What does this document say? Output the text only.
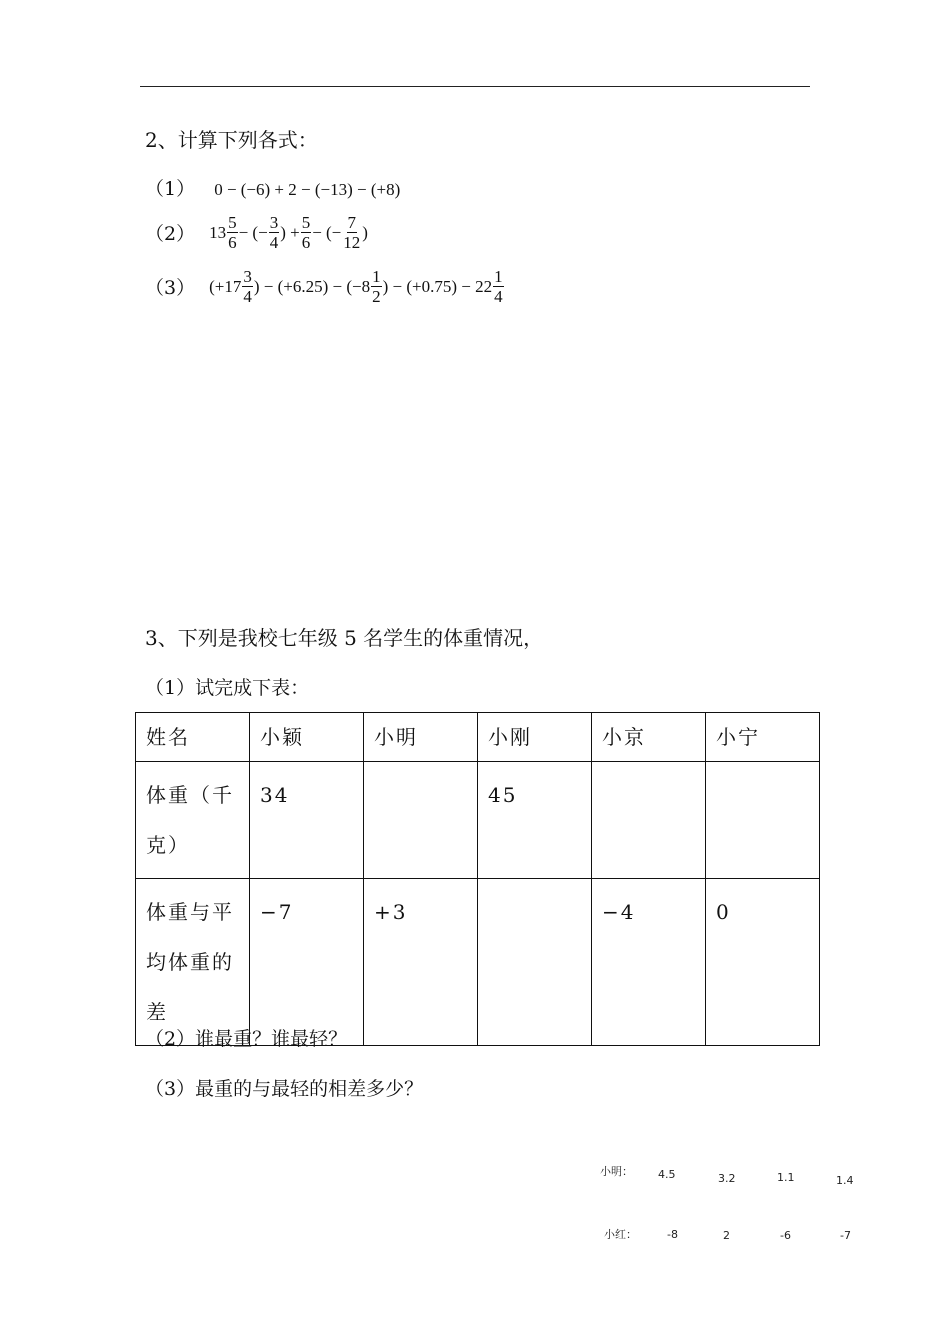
2、计算下列各式：
（1） 0 − (−6) + 2 − (−13) − (+8)
（2） $13 \frac{5}{6}$ − (− $\frac{3}{4}$ ) + $\frac{5}{6}$ − (− $\frac{7}{12}$ )
（3） ($+17 \frac{3}{4}$ ) − $(+6.25) - (-8 \frac{1}{2}$ ) − $(+0.75) - 22 \frac{1}{4}$
3、下列是我校七年级 5 名学生的体重情况，
（1）试完成下表：
姓名	小颖	小明	小刚	小京	小宁
体重（千克）	34		45		
体重与平均体重的差	−7	+3		−4	0
（2）谁最重？谁最轻？
（3）最重的与最轻的相差多少？
小明： 4.5	3.2	1.1	1.4
小红：	-8	2	-6	-7
